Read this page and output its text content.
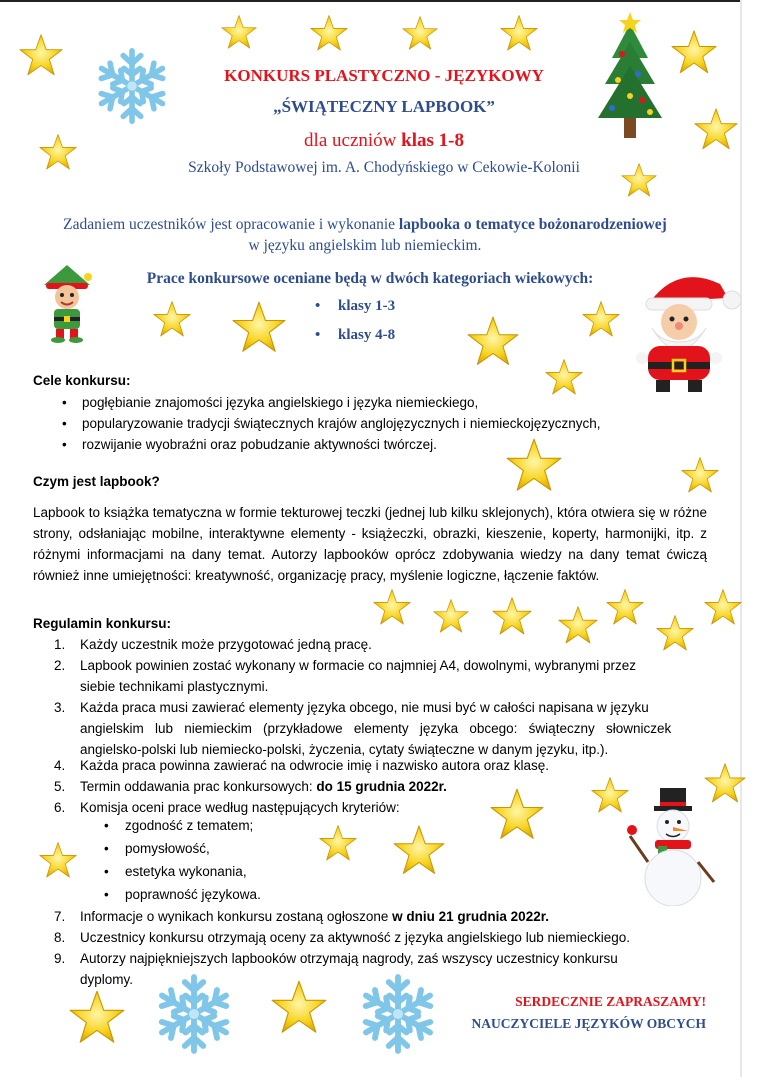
KONKURS PLASTYCZNO - JĘZYKOWY
„ŚWIĄTECZNY LAPBOOK”
dla uczniów klas 1-8
Szkoły Podstawowej im. A. Chodyńskiego w Cekowie-Kolonii
Zadaniem uczestników jest opracowanie i wykonanie lapbooka o tematyce bożonarodzeniowej
w języku angielskim lub niemieckim.
Prace konkursowe oceniane będą w dwóch kategoriach wiekowych:
• klasy 1-3
• klasy 4-8
Cele konkursu:
• pogłębianie znajomości języka angielskiego i języka niemieckiego,
• popularyzowanie tradycji świątecznych krajów anglojęzycznych i niemieckojęzycznych,
• rozwijanie wyobraźni oraz pobudzanie aktywności twórczej.
Czym jest lapbook?
Lapbook to książka tematyczna w formie tekturowej teczki (jednej lub kilku sklejonych), która otwiera się w różne strony, odsłaniając mobilne, interaktywne elementy - książeczki, obrazki, kieszenie, koperty, harmonijki, itp. z różnymi informacjami na dany temat. Autorzy lapbooków oprócz zdobywania wiedzy na dany temat ćwiczą również inne umiejętności: kreatywność, organizację pracy, myślenie logiczne, łączenie faktów.
Regulamin konkursu:
1. Każdy uczestnik może przygotować jedną pracę.
2. Lapbook powinien zostać wykonany w formacie co najmniej A4, dowolnymi, wybranymi przez
siebie technikami plastycznymi.
3. Każda praca musi zawierać elementy języka obcego, nie musi być w całości napisana w języku
angielskim   lub   niemieckim   (przykładowe   elementy   języka   obcego:   świąteczny   słowniczek
angielsko-polski lub niemiecko-polski, życzenia, cytaty świąteczne w danym języku, itp.).
4. Każda praca powinna zawierać na odwrocie imię i nazwisko autora oraz klasę.
5. Termin oddawania prac konkursowych: do 15 grudnia 2022r.
6. Komisja oceni prace według następujących kryteriów:
• zgodność z tematem;
• pomysłowość,
• estetyka wykonania,
• poprawność językowa.
7. Informacje o wynikach konkursu zostaną ogłoszone w dniu 21 grudnia 2022r.
8. Uczestnicy konkursu otrzymają oceny za aktywność z języka angielskiego lub niemieckiego.
9. Autorzy najpiękniejszych lapbooków otrzymają nagrody, zaś wszyscy uczestnicy konkursu
dyplomy.
SERDECZNIE ZAPRASZAMY!
NAUCZYCIELE JĘZYKÓW OBCYCH
